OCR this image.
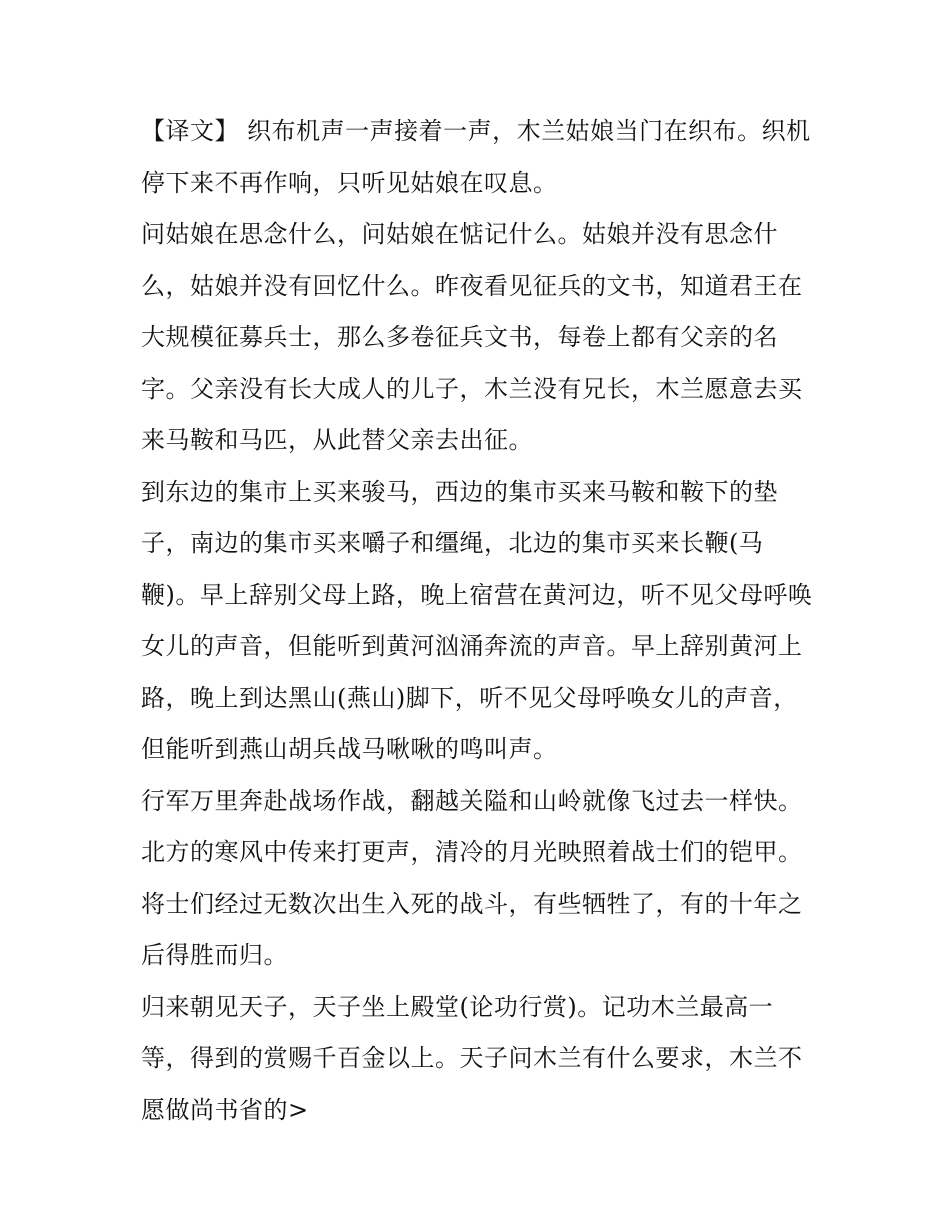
【译文】 织布机声一声接着一声，木兰姑娘当门在织布。织机停下来不再作响，只听见姑娘在叹息。

问姑娘在思念什么，问姑娘在惦记什么。姑娘并没有思念什么，姑娘并没有回忆什么。昨夜看见征兵的文书，知道君王在大规模征募兵士，那么多卷征兵文书，每卷上都有父亲的名字。父亲没有长大成人的儿子，木兰没有兄长，木兰愿意去买来马鞍和马匹，从此替父亲去出征。

到东边的集市上买来骏马，西边的集市买来马鞍和鞍下的垫子，南边的集市买来嚼子和缰绳，北边的集市买来长鞭(马鞭)。早上辞别父母上路，晚上宿营在黄河边，听不见父母呼唤女儿的声音，但能听到黄河汹涌奔流的声音。早上辞别黄河上路，晚上到达黑山(燕山)脚下，听不见父母呼唤女儿的声音，但能听到燕山胡兵战马啾啾的鸣叫声。

行军万里奔赴战场作战，翻越关隘和山岭就像飞过去一样快。北方的寒风中传来打更声，清冷的月光映照着战士们的铠甲。将士们经过无数次出生入死的战斗，有些牺牲了，有的十年之后得胜而归。

归来朝见天子，天子坐上殿堂(论功行赏)。记功木兰最高一等，得到的赏赐千百金以上。天子问木兰有什么要求，木兰不愿做尚书省的>
